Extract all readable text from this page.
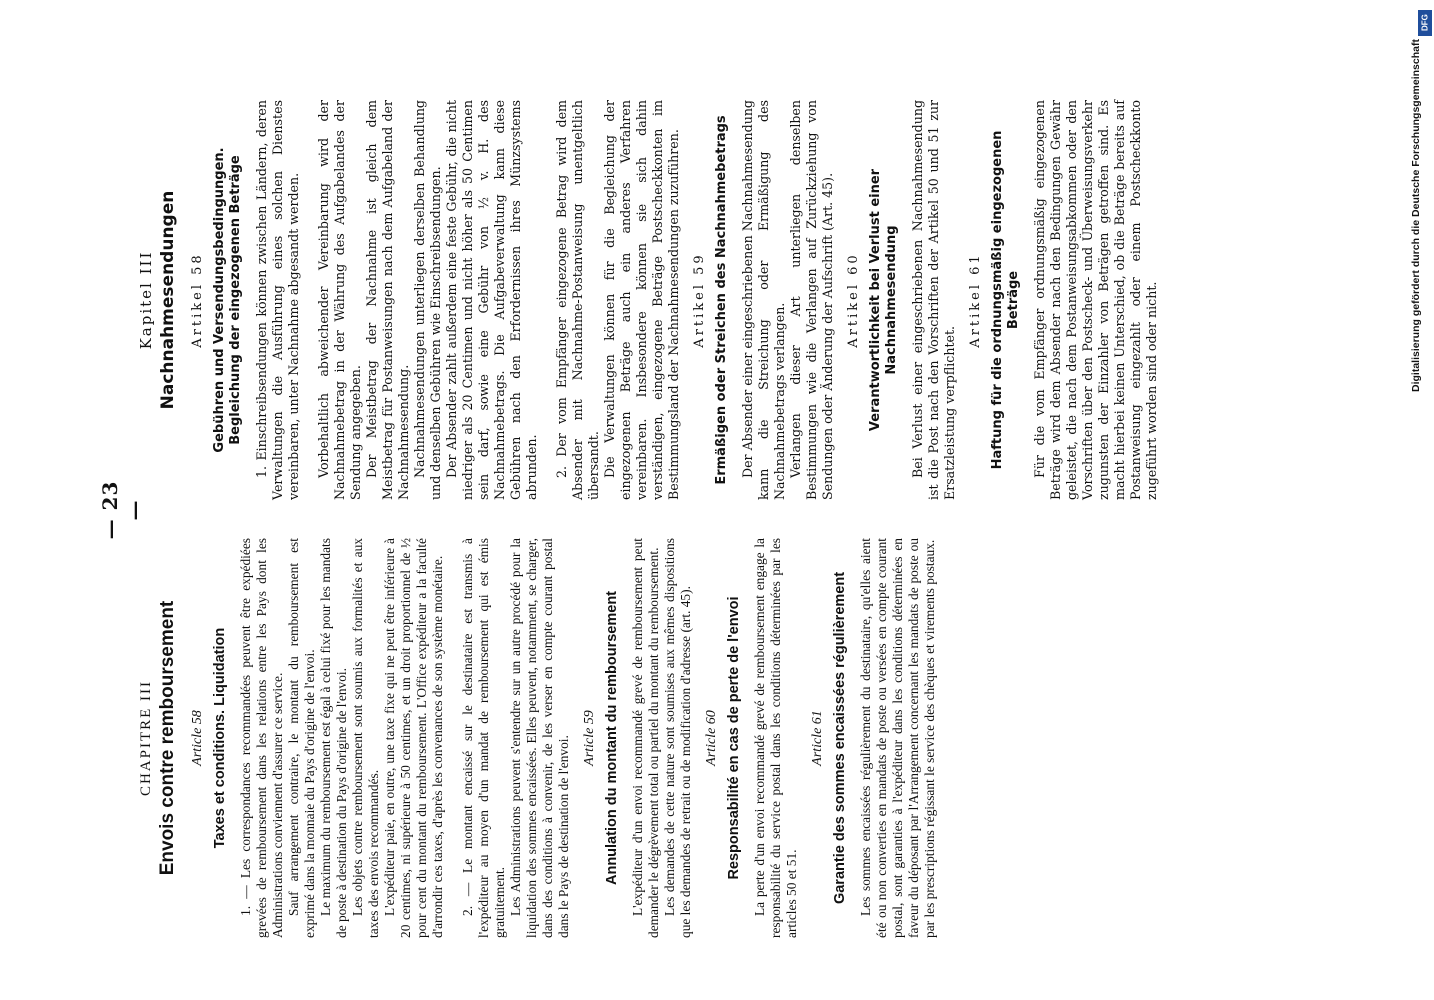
— 23 —
CHAPITRE III Envois contre remboursement Article 58 Taxes et conditions. Liquidation 1. — Les correspondances recommandées peuvent être expédiées grevées de remboursement dans les relations entre les Pays dont les Administrations conviennent d'assurer ce service. Sauf arrangement contraire, le montant du remboursement est exprimé dans la monnaie du Pays d'origine de l'envoi. Le maximum du remboursement est égal à celui fixé pour les mandats de poste à destination du Pays d'origine de l'envoi. Les objets contre remboursement sont soumis aux formalités et aux taxes des envois recommandés. L'expéditeur paie, en outre, une taxe fixe qui ne peut être inférieure à 20 centimes, ni supérieure à 50 centimes, et un droit proportionnel de ½ pour cent du montant du remboursement. L'Office expéditeur a la faculté d'arrondir ces taxes, d'après les convenances de son système monétaire. 2. — Le montant encaissé sur le destinataire est transmis à l'expéditeur au moyen d'un mandat de remboursement qui est émis gratuitement. Les Administrations peuvent s'entendre sur un autre procédé pour la liquidation des sommes encaissées. Elles peuvent, notamment, se charger, dans des conditions à convenir, de les verser en compte courant postal dans le Pays de destination de l'envoi. Article 59 Annulation du montant du remboursement L'expéditeur d'un envoi recommandé grevé de remboursement peut demander le dégrèvement total ou partiel du montant du remboursement. Les demandes de cette nature sont soumises aux mêmes dispositions que les demandes de retrait ou de modification d'adresse (art. 45). Article 60 Responsabilité en cas de perte de l'envoi La perte d'un envoi recommandé grevé de remboursement engage la responsabilité du service postal dans les conditions déterminées par les articles 50 et 51.

Article 61 Garantie des sommes encaissées régulièrement Les sommes encaissées régulièrement du destinataire, qu'elles aient été ou non converties en mandats de poste ou versées en compte courant postal, sont garanties à l'expéditeur dans les conditions déterminées en faveur du déposant par l'Arrangement concernant les mandats de poste ou par les prescriptions régissant le service des chèques et virements postaux.

Kapitel III Nachnahmesendungen Artikel 58 Gebühren und Versendungsbedingungen. Begleichung der eingezogenen Beträge 1. Einschreibsendungen können zwischen Ländern, deren Verwaltungen die Ausführung eines solchen Dienstes vereinbaren, unter Nachnahme abgesandt werden. Vorbehaltlich abweichender Vereinbarung wird der Nachnahmebetrag in der Währung des Aufgabelandes der Sendung angegeben. Der Meistbetrag der Nachnahme ist gleich dem Meistbetrag für Postanweisungen nach dem Aufgabeland der Nachnahmesendung. Nachnahmesendungen unterliegen derselben Behandlung und denselben Gebühren wie Einschreibsendungen. Der Absender zahlt außerdem eine feste Gebühr, die nicht niedriger als 20 Centimen und nicht höher als 50 Centimen sein darf, sowie eine Gebühr von ½ v. H. des Nachnahmebetrags. Die Aufgabeverwaltung kann diese Gebühren nach den Erfordernissen ihres Münzsystems abrunden. 2. Der vom Empfänger eingezogene Betrag wird dem Absender mit Nachnahme-Postanweisung unentgeltlich übersandt. Die Verwaltungen können für die Begleichung der eingezogenen Beträge auch ein anderes Verfahren vereinbaren. Insbesondere können sie sich dahin verständigen, eingezogene Beträge Postscheckkonten im Bestimmungsland der Nachnahmesendungen zuzuführen. Artikel 59 Ermäßigen oder Streichen des Nachnahmebetrags Der Absender einer eingeschriebenen Nachnahmesendung kann die Streichung oder Ermäßigung des Nachnahmebetrags verlangen. Verlangen dieser Art unterliegen denselben Bestimmungen wie die Verlangen auf Zurückziehung von Sendungen oder Änderung der Aufschrift (Art. 45). Artikel 60 Verantwortlichkeit bei Verlust einer Nachnahmesendung Bei Verlust einer eingeschriebenen Nachnahmesendung ist die Post nach den Vorschriften der Artikel 50 und 51 zur Ersatzleistung verpflichtet.

Artikel 61 Haftung für die ordnungsmäßig eingezogenen Beträge Für die vom Empfänger ordnungsmäßig eingezogenen Beträge wird dem Absender nach den Bedingungen Gewähr geleistet, die nach dem Postanweisungsabkommen oder den Vorschriften über den Postscheck- und Überweisungsverkehr zugunsten der Einzahler von Beträgen getroffen sind. Es macht hierbei keinen Unterschied, ob die Beträge bereits auf Postanweisung eingezahlt oder einem Postscheckkonto zugeführt worden sind oder nicht.

DFG
Digitalisierung gefördert durch die Deutsche Forschungsgemeinschaft
